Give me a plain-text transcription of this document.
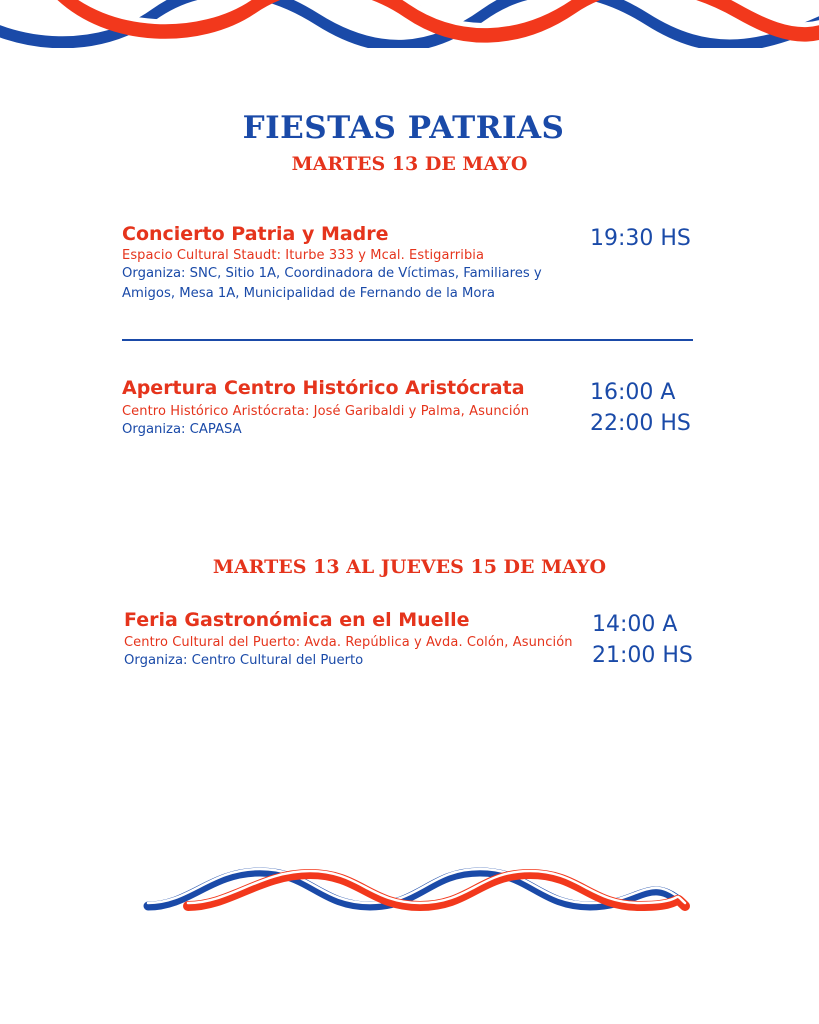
FIESTAS PATRIAS
MARTES 13 DE MAYO
Concierto Patria y Madre
Espacio Cultural Staudt: Iturbe 333 y Mcal. Estigarribia
Organiza: SNC, Sitio 1A, Coordinadora de Víctimas, Familiares y Amigos, Mesa 1A, Municipalidad de Fernando de la Mora
19:30 HS
Apertura Centro Histórico Aristócrata
Centro Histórico Aristócrata: José Garibaldi y Palma, Asunción
Organiza: CAPASA
16:00 A
22:00 HS
MARTES 13 AL JUEVES 15 DE MAYO
Feria Gastronómica en el Muelle
Centro Cultural del Puerto: Avda. República y Avda. Colón, Asunción
Organiza: Centro Cultural del Puerto
14:00 A
21:00 HS
